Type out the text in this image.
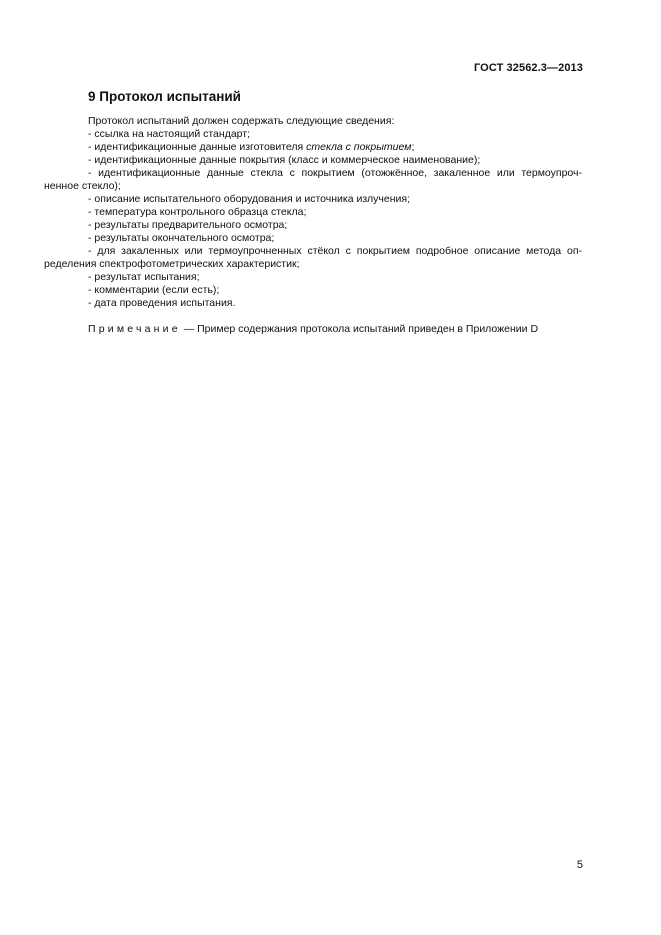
ГОСТ 32562.3—2013
9 Протокол испытаний
Протокол испытаний должен содержать следующие сведения:
- ссылка на настоящий стандарт;
- идентификационные данные изготовителя стекла с покрытием;
- идентификационные данные покрытия (класс и коммерческое наименование);
- идентификационные данные стекла с покрытием (отожжённое, закаленное или термоупроч-
ненное стекло);
- описание испытательного оборудования и источника излучения;
- температура контрольного образца стекла;
- результаты предварительного осмотра;
- результаты окончательного осмотра;
- для закаленных или термоупрочненных стёкол с покрытием подробное описание метода оп-
ределения спектрофотометрических характеристик;
- результат испытания;
- комментарии (если есть);
- дата проведения испытания.
Примечание — Пример содержания протокола испытаний приведен в Приложении D
5
